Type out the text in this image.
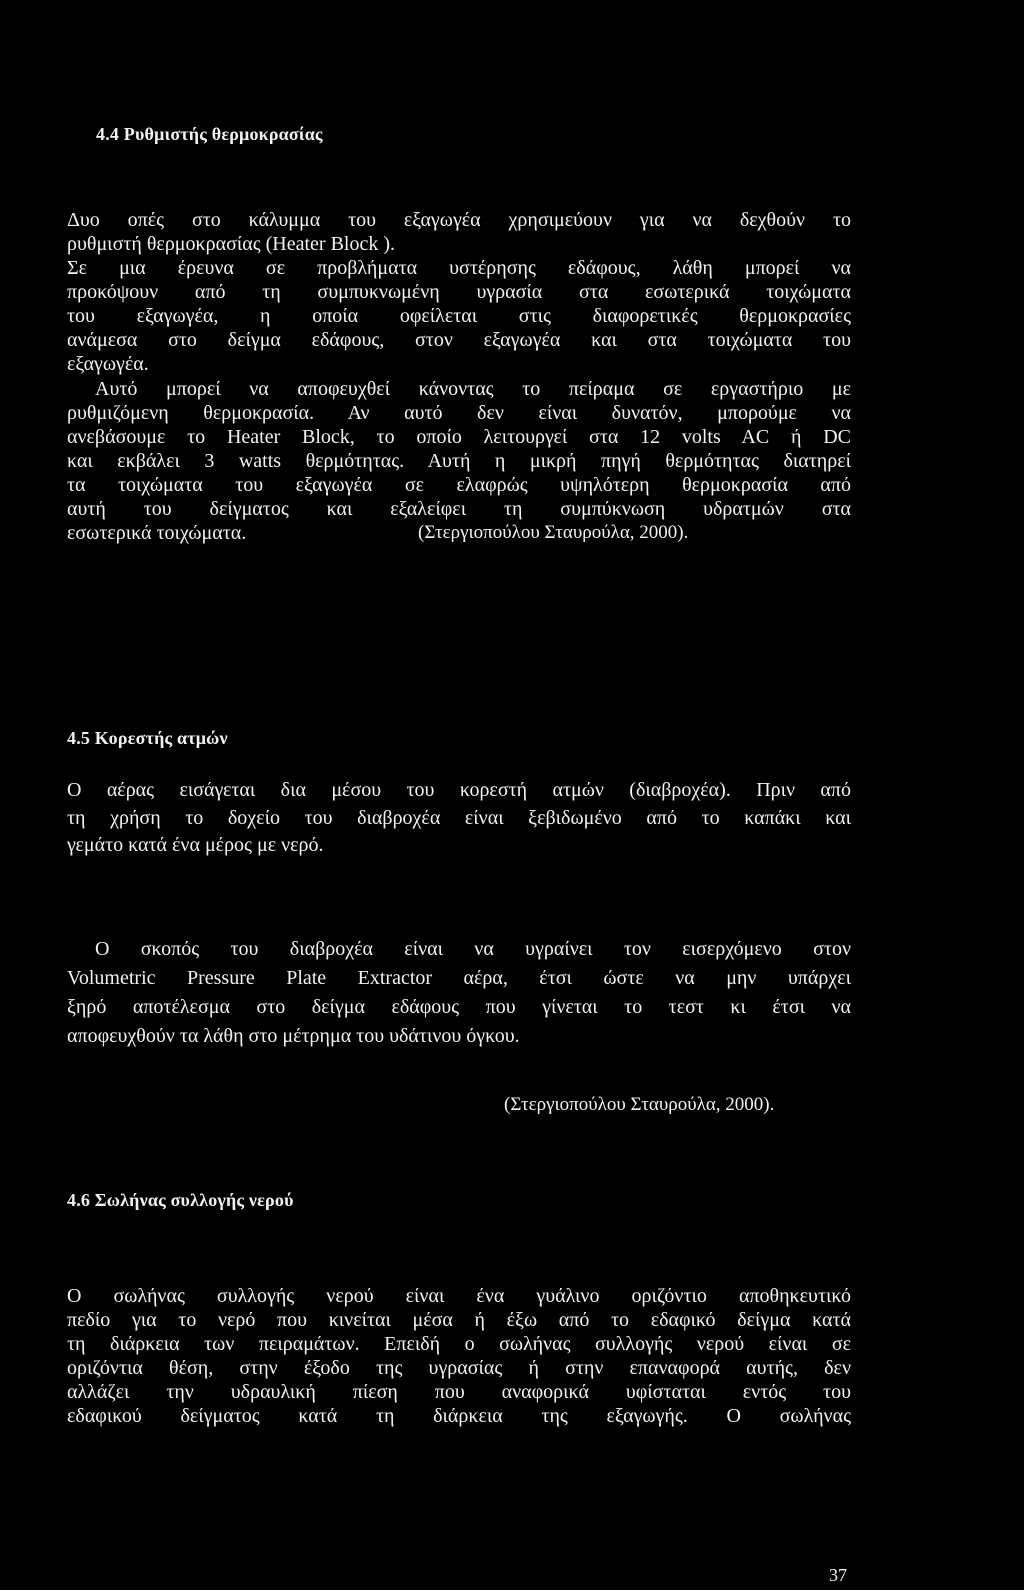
4.4 Ρυθμιστής θερμοκρασίας
Δυο οπές στο κάλυμμα του εξαγωγέα χρησιμεύουν για να δεχθούν το
ρυθμιστή θερμοκρασίας (Heater Block ).
Σε μια έρευνα σε προβλήματα υστέρησης εδάφους, λάθη μπορεί να
προκόψουν από τη συμπυκνωμένη υγρασία στα εσωτερικά τοιχώματα
του εξαγωγέα, η οποία οφείλεται στις διαφορετικές θερμοκρασίες
ανάμεσα στο δείγμα εδάφους, στον εξαγωγέα και στα τοιχώματα του
εξαγωγέα.
Αυτό μπορεί να αποφευχθεί κάνοντας το πείραμα σε εργαστήριο με
ρυθμιζόμενη θερμοκρασία. Αν αυτό δεν είναι δυνατόν, μπορούμε να
ανεβάσουμε το Heater Block, το οποίο λειτουργεί στα 12 volts AC ή DC
και εκβάλει 3 watts θερμότητας. Αυτή η μικρή πηγή θερμότητας διατηρεί
τα τοιχώματα του εξαγωγέα σε ελαφρώς υψηλότερη θερμοκρασία από
αυτή του δείγματος και εξαλείφει τη συμπύκνωση υδρατμών στα
εσωτερικά τοιχώματα.	(Στεργιοπούλου Σταυρούλα, 2000).
4.5 Κορεστής ατμών
Ο αέρας εισάγεται δια μέσου του κορεστή ατμών (διαβροχέα). Πριν από
τη χρήση το δοχείο του διαβροχέα είναι ξεβιδωμένο από το καπάκι και
γεμάτο κατά ένα μέρος με νερό.
Ο σκοπός του διαβροχέα είναι να υγραίνει τον εισερχόμενο στον
Volumetric Pressure Plate Extractor αέρα, έτσι ώστε να μην υπάρχει
ξηρό αποτέλεσμα στο δείγμα εδάφους που γίνεται το τεστ κι έτσι να
αποφευχθούν τα λάθη στο μέτρημα του υδάτινου όγκου.
(Στεργιοπούλου Σταυρούλα, 2000).
4.6 Σωλήνας συλλογής νερού
Ο σωλήνας συλλογής νερού είναι ένα γυάλινο οριζόντιο αποθηκευτικό
πεδίο για το νερό που κινείται μέσα ή έξω από το εδαφικό δείγμα κατά
τη διάρκεια των πειραμάτων. Επειδή ο σωλήνας συλλογής νερού είναι σε
οριζόντια θέση, στην έξοδο της υγρασίας ή στην επαναφορά αυτής, δεν
αλλάζει την υδραυλική πίεση που αναφορικά υφίσταται εντός του
εδαφικού δείγματος κατά τη διάρκεια της εξαγωγής. Ο σωλήνας
37
